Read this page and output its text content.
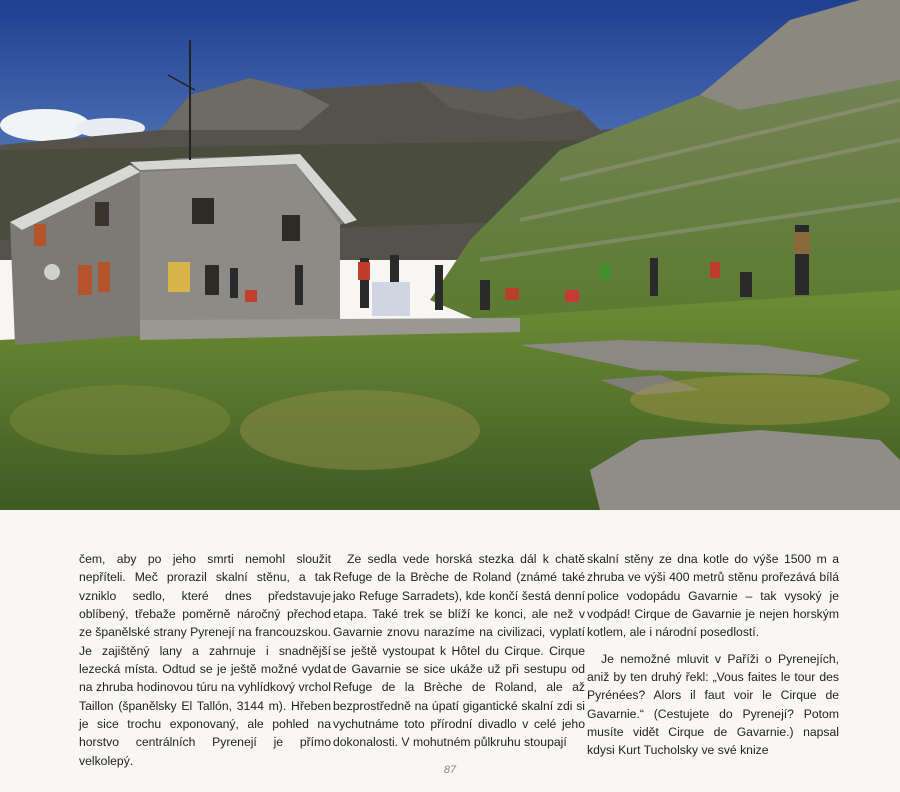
čem, aby po jeho smrti nemohl sloužit nepříteli. Meč prorazil skalní stěnu, a tak vzniklo sedlo, které dnes představuje oblíbený, třebaže poměrně náročný přechod ze španělské strany Pyrenejí na francouzskou. Je zajištěný lany a zahrnuje i snadnější lezecká místa. Odtud se je ještě možné vydat na zhruba hodinovou túru na vyhlídkový vrchol Taillon (španělsky El Tallón, 3144 m). Hřeben je sice trochu exponovaný, ale pohled na horstvo centrálních Pyrenejí je přímo velkolepý.

Ze sedla vede horská stezka dál k chatě Refuge de la Brèche de Roland (známé také jako Refuge Sarradets), kde končí šestá denní etapa. Také trek se blíží ke konci, ale než v Gavarnie znovu narazíme na civilizaci, vyplatí se ještě vystoupat k Hôtel du Cirque. Cirque de Gavarnie se sice ukáže už při sestupu od Refuge de la Brèche de Roland, ale až bezprostředně na úpatí gigantické skalní zdi si vychutnáme toto přírodní divadlo v celé jeho dokonalosti. V mohutném půlkruhu stoupají

skalní stěny ze dna kotle do výše 1500 m a zhruba ve výši 400 metrů stěnu prořezává bílá police vodopádu Gavarnie – tak vysoký je vodpád! Cirque de Gavarnie je nejen horským kotlem, ale i národní posedlostí.

Je nemožné mluvit v Paříži o Pyrenejích, aniž by ten druhý řekl: „Vous faites le tour des Pyrénées? Alors il faut voir le Cirque de Gavarnie.“ (Cestujete do Pyrenejí? Potom musíte vidět Cirque de Gavarnie.) napsal kdysi Kurt Tucholsky ve své knize

87
